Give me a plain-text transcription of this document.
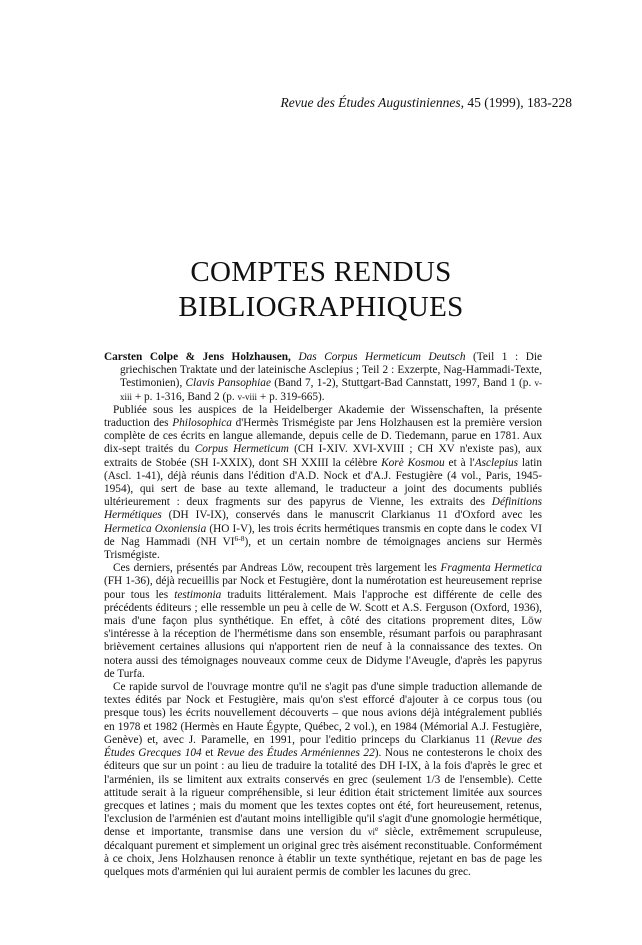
Revue des Études Augustiniennes, 45 (1999), 183-228
COMPTES RENDUS
BIBLIOGRAPHIQUES

Carsten Colpe & Jens Holzhausen, Das Corpus Hermeticum Deutsch (Teil 1 : Die griechischen Traktate und der lateinische Asclepius ; Teil 2 : Exzerpte, Nag-Hammadi-Texte, Testimonien), Clavis Pansophiae (Band 7, 1-2), Stuttgart-Bad Cannstatt, 1997, Band 1 (p. v-xiii + p. 1-316, Band 2 (p. v-viii + p. 319-665).

Publiée sous les auspices de la Heidelberger Akademie der Wissenschaften, la présente traduction des Philosophica d'Hermès Trismégiste par Jens Holzhausen est la première version complète de ces écrits en langue allemande, depuis celle de D. Tiedemann, parue en 1781. Aux dix-sept traités du Corpus Hermeticum (CH I-XIV. XVI-XVIII ; CH XV n'existe pas), aux extraits de Stobée (SH I-XXIX), dont SH XXIII la célèbre Korè Kosmou et à l'Asclepius latin (Ascl. 1-41), déjà réunis dans l'édition d'A.D. Nock et d'A.J. Festugière (4 vol., Paris, 1945-1954), qui sert de base au texte allemand, le traducteur a joint des documents publiés ultérieurement : deux fragments sur des papyrus de Vienne, les extraits des Définitions Hermétiques (DH IV-IX), conservés dans le manuscrit Clarkianus 11 d'Oxford avec les Hermetica Oxoniensia (HO I-V), les trois écrits hermétiques transmis en copte dans le codex VI de Nag Hammadi (NH VI$^{6-8}$), et un certain nombre de témoignages anciens sur Hermès Trismégiste.

Ces derniers, présentés par Andreas Löw, recoupent très largement les Fragmenta Hermetica (FH 1-36), déjà recueillis par Nock et Festugière, dont la numérotation est heureusement reprise pour tous les testimonia traduits littéralement. Mais l'approche est différente de celle des précédents éditeurs ; elle ressemble un peu à celle de W. Scott et A.S. Ferguson (Oxford, 1936), mais d'une façon plus synthétique. En effet, à côté des citations proprement dites, Löw s'intéresse à la réception de l'hermétisme dans son ensemble, résumant parfois ou paraphrasant brièvement certaines allusions qui n'apportent rien de neuf à la connaissance des textes. On notera aussi des témoignages nouveaux comme ceux de Didyme l'Aveugle, d'après les papyrus de Turfa.

Ce rapide survol de l'ouvrage montre qu'il ne s'agit pas d'une simple traduction allemande de textes édités par Nock et Festugière, mais qu'on s'est efforcé d'ajouter à ce corpus tous (ou presque tous) les écrits nouvellement découverts – que nous avions déjà intégralement publiés en 1978 et 1982 (Hermès en Haute Égypte, Québec, 2 vol.), en 1984 (Mémorial A.J. Festugière, Genève) et, avec J. Paramelle, en 1991, pour l'editio princeps du Clarkianus 11 (Revue des Études Grecques 104 et Revue des Études Arméniennes 22). Nous ne contesterons le choix des éditeurs que sur un point : au lieu de traduire la totalité des DH I-IX, à la fois d'après le grec et l'arménien, ils se limitent aux extraits conservés en grec (seulement 1/3 de l'ensemble). Cette attitude serait à la rigueur compréhensible, si leur édition était strictement limitée aux sources grecques et latines ; mais du moment que les textes coptes ont été, fort heureusement, retenus, l'exclusion de l'arménien est d'autant moins intelligible qu'il s'agit d'une gnomologie hermétique, dense et importante, transmise dans une version du $vi^e$ siècle, extrêmement scrupuleuse, décalquant purement et simplement un original grec très aisément reconstituable. Conformément à ce choix, Jens Holzhausen renonce à établir un texte synthétique, rejetant en bas de page les quelques mots d'arménien qui lui auraient permis de combler les lacunes du grec.
